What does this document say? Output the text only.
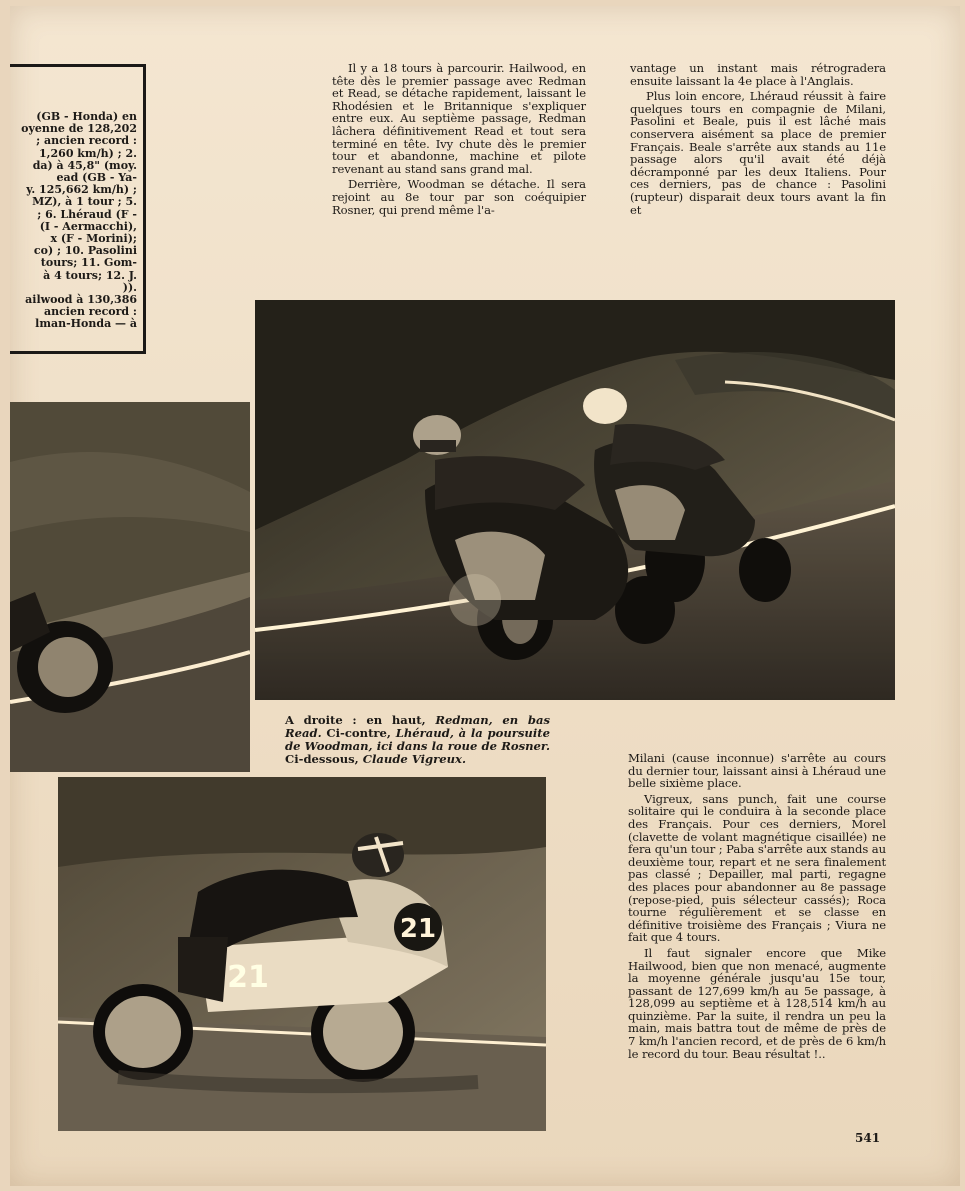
(GB - Honda) en
oyenne de 128,202
; ancien record :
1,260 km/h) ; 2.
da) à 45,8" (moy.
ead (GB - Ya-
y. 125,662 km/h) ;
MZ), à 1 tour ; 5.
; 6. Lhéraud (F -
(I - Aermacchi),
x (F - Morini);
co) ; 10. Pasolini
tours; 11. Gom-
à 4 tours; 12. J.
)).
ailwood à 130,386
ancien record :
lman-Honda — à

Il y a 18 tours à parcourir. Hailwood, en tête dès le premier passage avec Redman et Read, se détache rapidement, laissant le Rhodésien et le Britannique s'expliquer entre eux. Au septième passage, Redman lâchera définitivement Read et tout sera terminé en tête. Ivy chute dès le premier tour et abandonne, machine et pilote revenant au stand sans grand mal.

Derrière, Woodman se détache. Il sera rejoint au 8e tour par son coéquipier Rosner, qui prend même l'a-

vantage un instant mais rétrogradera ensuite laissant la 4e place à l'Anglais.

Plus loin encore, Lhéraud réussit à faire quelques tours en compagnie de Milani, Pasolini et Beale, puis il est lâché mais conservera aisément sa place de premier Français. Beale s'arrête aux stands au 11e passage alors qu'il avait été déjà décramponné par les deux Italiens. Pour ces derniers, pas de chance : Pasolini (rupteur) disparait deux tours avant la fin et

A droite : en haut, Redman, en bas Read. Ci-contre, Lhéraud, à la poursuite de Woodman, ici dans la roue de Rosner. Ci-dessous, Claude Vigreux.
21
21

Milani (cause inconnue) s'arrête au cours du dernier tour, laissant ainsi à Lhéraud une belle sixième place.

Vigreux, sans punch, fait une course solitaire qui le conduira à la seconde place des Français. Pour ces derniers, Morel (clavette de volant magnétique cisaillée) ne fera qu'un tour ; Paba s'arrête aux stands au deuxième tour, repart et ne sera finalement pas classé ; Depailler, mal parti, regagne des places pour abandonner au 8e passage (repose-pied, puis sélecteur cassés); Roca tourne régulièrement et se classe en définitive troisième des Français ; Viura ne fait que 4 tours.

Il faut signaler encore que Mike Hailwood, bien que non menacé, augmente la moyenne générale jusqu'au 15e tour, passant de 127,699 km/h au 5e passage, à 128,099 au septième et à 128,514 km/h au quinzième. Par la suite, il rendra un peu la main, mais battra tout de même de près de 7 km/h l'ancien record, et de près de 6 km/h le record du tour. Beau résultat !..

541
